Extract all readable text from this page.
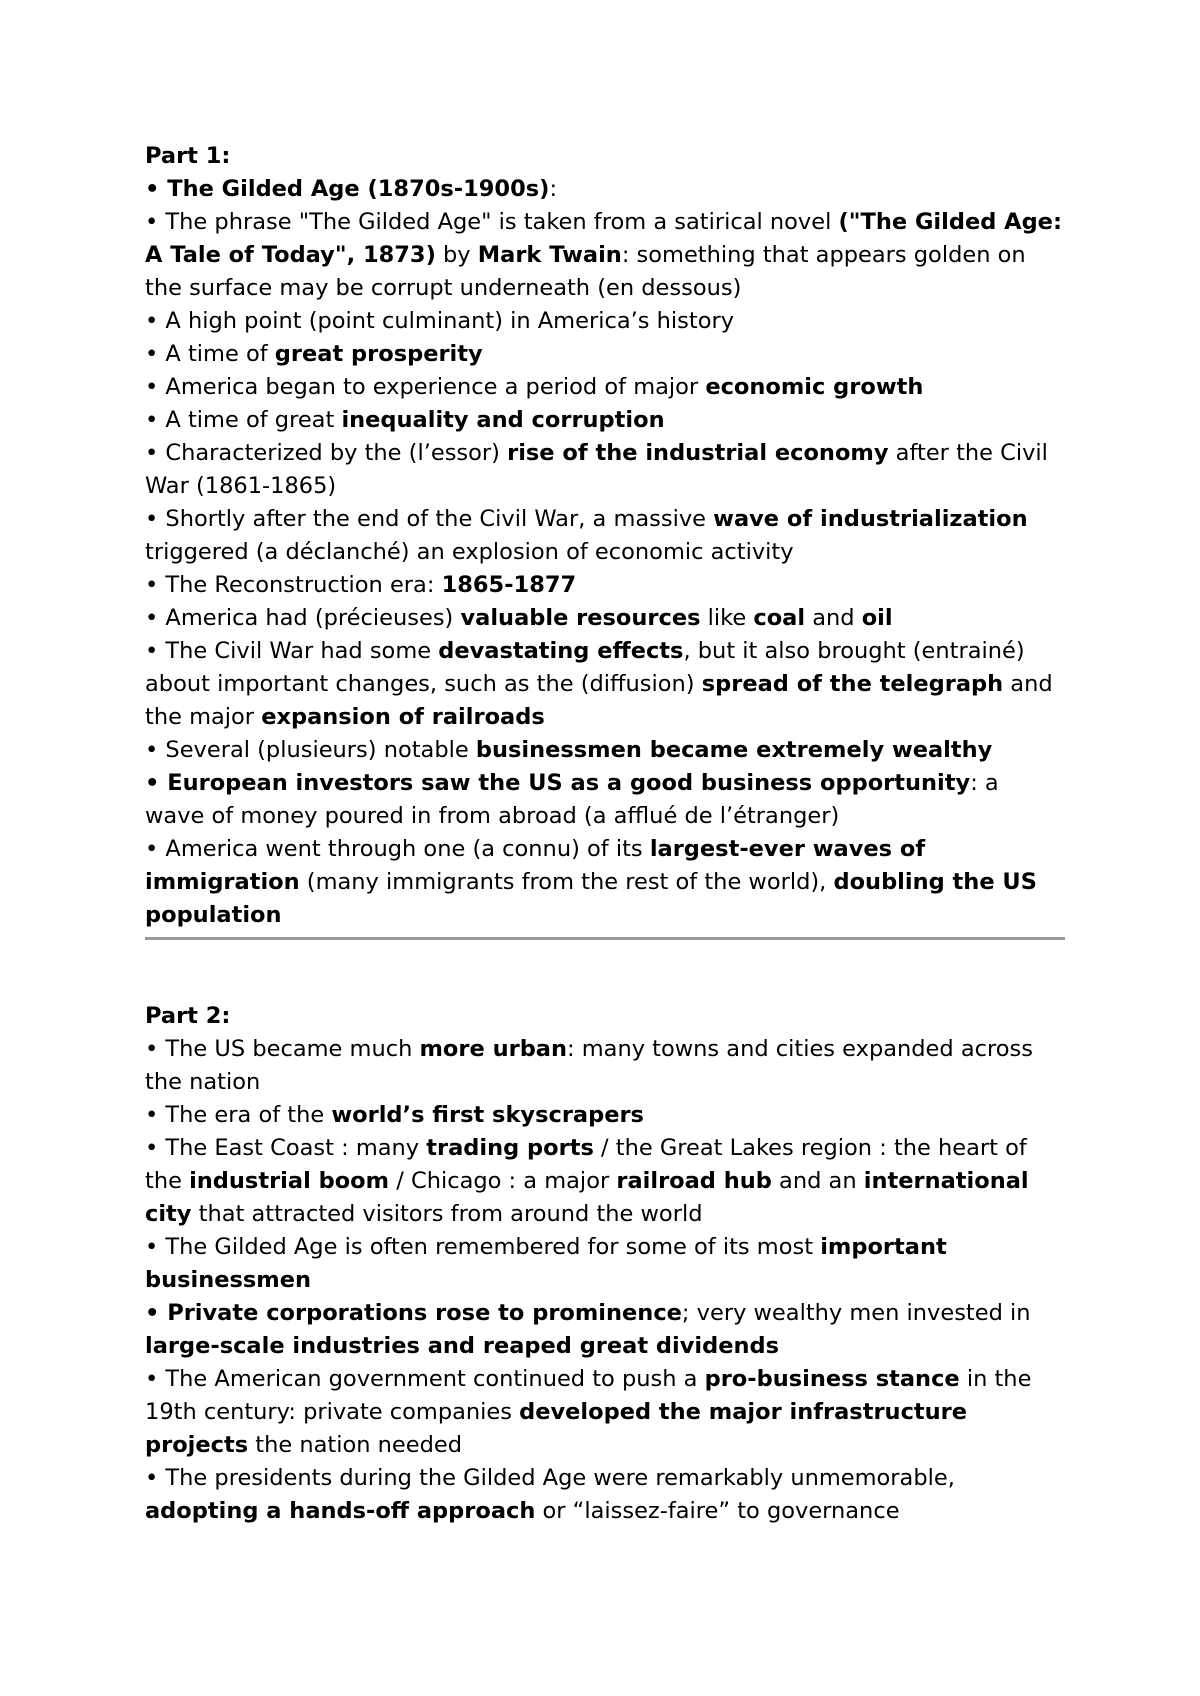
Part 1:

• The Gilded Age (1870s-1900s):

• The phrase "The Gilded Age" is taken from a satirical novel ("The Gilded Age: A Tale of Today", 1873) by Mark Twain: something that appears golden on the surface may be corrupt underneath (en dessous)

• A high point (point culminant) in America’s history

• A time of great prosperity

• America began to experience a period of major economic growth

• A time of great inequality and corruption

• Characterized by the (l’essor) rise of the industrial economy after the Civil War (1861-1865)

• Shortly after the end of the Civil War, a massive wave of industrialization triggered (a déclanché) an explosion of economic activity

• The Reconstruction era: 1865-1877

• America had (précieuses) valuable resources like coal and oil

• The Civil War had some devastating effects, but it also brought (entrainé) about important changes, such as the (diffusion) spread of the telegraph and the major expansion of railroads

• Several (plusieurs) notable businessmen became extremely wealthy

• European investors saw the US as a good business opportunity: a wave of money poured in from abroad (a afflué de l’étranger)

• America went through one (a connu) of its largest-ever waves of immigration (many immigrants from the rest of the world), doubling the US population

Part 2:

• The US became much more urban: many towns and cities expanded across the nation

• The era of the world’s first skyscrapers

• The East Coast : many trading ports / the Great Lakes region : the heart of the industrial boom / Chicago : a major railroad hub and an international city that attracted visitors from around the world

• The Gilded Age is often remembered for some of its most important businessmen

• Private corporations rose to prominence; very wealthy men invested in large-scale industries and reaped great dividends

• The American government continued to push a pro-business stance in the 19th century: private companies developed the major infrastructure projects the nation needed

• The presidents during the Gilded Age were remarkably unmemorable, adopting a hands-off approach or “laissez-faire” to governance
